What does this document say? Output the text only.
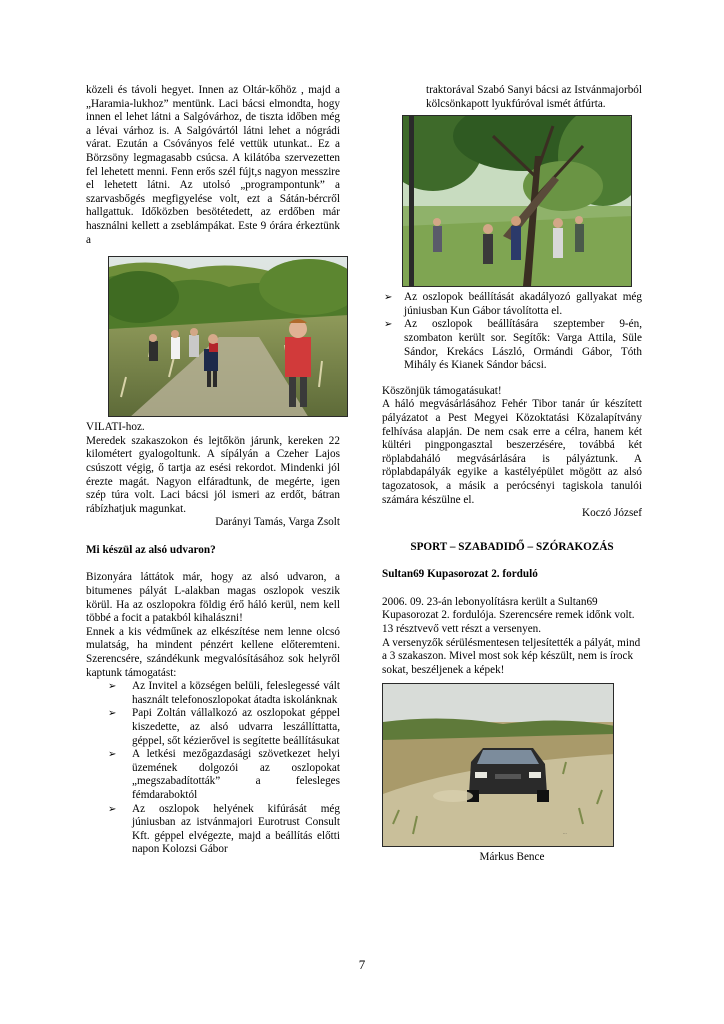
közeli és távoli hegyet. Innen az Oltár-kőhöz , majd a „Haramia-lukhoz” mentünk. Laci bácsi elmondta, hogy innen el lehet látni a Salgóvárhoz, de tiszta időben még a lévai várhoz is. A Salgóvártól látni lehet a nógrádi várat. Ezután a Csóványos felé vettük utunkat.. Ez a Börzsöny legmagasabb csúcsa. A kilátóba szervezetten fel lehetett menni. Fenn erős szél fújt,s nagyon messzire el lehetett látni. Az utolsó „programpontunk” a szarvasbőgés megfigyelése volt, ezt a Sátán-bércről hallgattuk. Időközben besötétedett, az erdőben már használni kellett a zseblámpákat. Este 9 órára érkeztünk a

VILATI-hoz.

Meredek szakaszokon és lejtőkön járunk, kereken 22 kilométert gyalogoltunk. A sípályán a Czeher Lajos csúszott végig, ő tartja az esési rekordot. Mindenki jól érezte magát. Nagyon elfáradtunk, de megérte, igen szép túra volt. Laci bácsi jól ismeri az erdőt, bátran rábízhatjuk magunkat.

Darányi Tamás, Varga Zsolt

Mi készül az alsó udvaron?

Bizonyára láttátok már, hogy az alsó udvaron, a bitumenes pályát L-alakban magas oszlopok veszik körül. Ha az oszlopokra földig érő háló kerül, nem kell többé a focit a patakból kihalászni!

Ennek a kis védműnek az elkészítése nem lenne olcsó mulatság, ha mindent pénzért kellene előteremteni. Szerencsére, szándékunk megvalósításához sok helyről kaptunk támogatást:

➢ Az Invitel a községen belüli, feleslegessé vált használt telefonoszlopokat átadta iskolánknak
➢ Papi Zoltán vállalkozó az oszlopokat géppel kiszedette, az alsó udvarra leszállíttatta, géppel, sőt kézierővel is segítette beállításukat
➢ A letkési mezőgazdasági szövetkezet helyi üzemének dolgozói az oszlopokat „megszabadították” a felesleges fémdaraboktól
➢ Az oszlopok helyének kifúrását még júniusban az istvánmajori Eurotrust Consult Kft. géppel elvégezte, majd a beállítás előtti napon Kolozsi Gábor

traktorával Szabó Sanyi bácsi az Istvánmajorból kölcsönkapott lyukfúróval ismét átfúrta.

➢ Az oszlopok beállítását akadályozó gallyakat még júniusban Kun Gábor távolította el.
➢ Az oszlopok beállítására szeptember 9-én, szombaton került sor. Segítők: Varga Attila, Süle Sándor, Krekács László, Ormándi Gábor, Tóth Mihály és Kianek Sándor bácsi.

Köszönjük támogatásukat!

A háló megvásárlásához Fehér Tibor tanár úr készített pályázatot a Pest Megyei Közoktatási Közalapítvány felhívása alapján. De nem csak erre a célra, hanem két kültéri pingpongasztal beszerzésére, továbbá két röplabdaháló megvásárlására is pályáztunk. A röplabdapályák egyike a kastélyépület mögött az alsó tagozatosok, a másik a perócsényi tagiskola tanulói számára készülne el.

Koczó József

SPORT – SZABADIDŐ – SZÓRAKOZÁS
Sultan69 Kupasorozat 2. forduló

2006. 09. 23-án lebonyolításra került a Sultan69 Kupasorozat 2. fordulója. Szerencsére remek időnk volt. 13 résztvevő vett részt a versenyen.

A versenyzők sérülésmentesen teljesítették a pályát, mind a 3 szakaszon. Mivel most sok kép készült, nem is írock sokat, beszéljenek a képek!

...

Márkus Bence

7
